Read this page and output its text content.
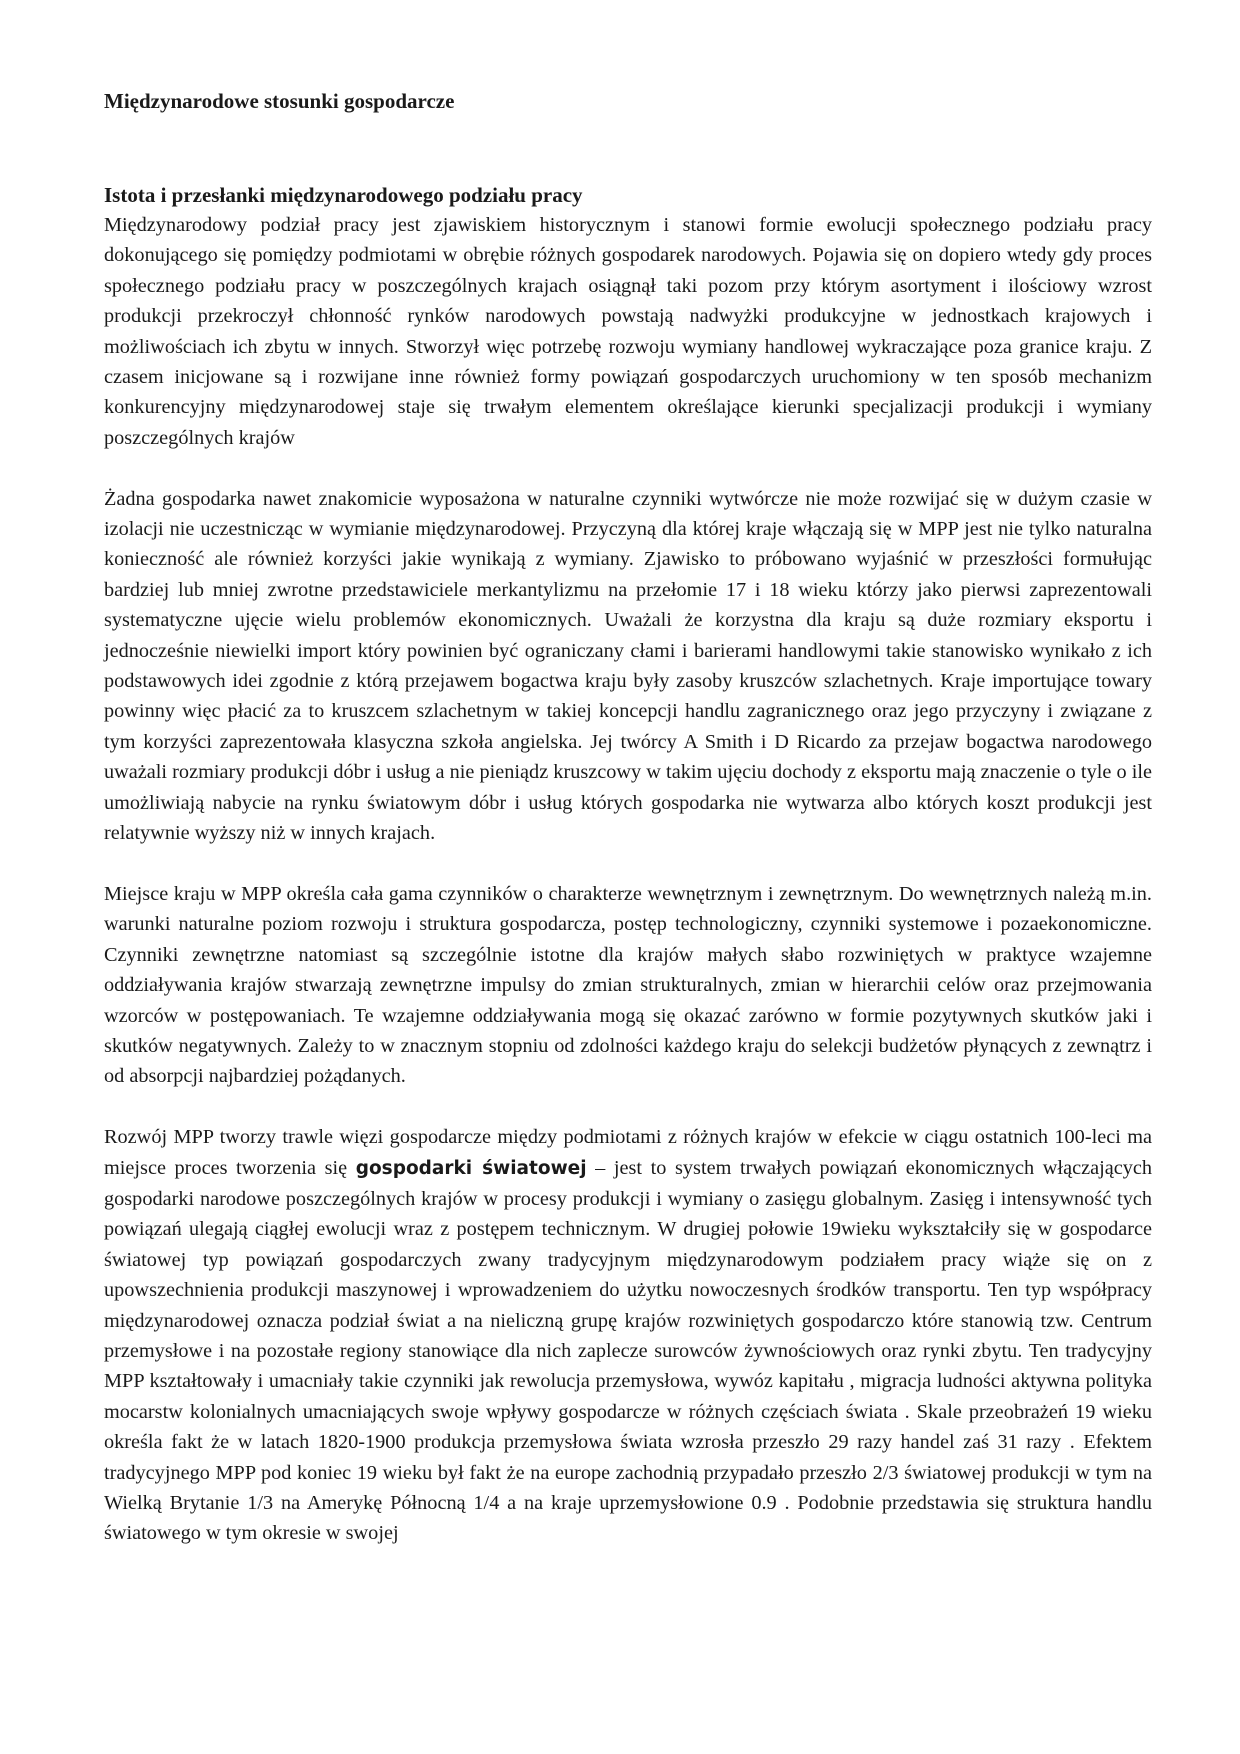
Międzynarodowe stosunki gospodarcze
Istota i przesłanki międzynarodowego podziału pracy

Międzynarodowy podział pracy jest zjawiskiem historycznym i stanowi formie ewolucji społecznego podziału pracy dokonującego się pomiędzy podmiotami w obrębie różnych gospodarek narodowych. Pojawia się on dopiero wtedy gdy proces społecznego podziału pracy w poszczególnych krajach osiągnął taki pozom przy którym asortyment i ilościowy wzrost produkcji przekroczył chłonność rynków narodowych powstają nadwyżki produkcyjne w jednostkach krajowych i możliwościach ich zbytu w innych. Stworzył więc potrzebę rozwoju wymiany handlowej wykraczające poza granice kraju. Z czasem inicjowane są i rozwijane inne również formy powiązań gospodarczych uruchomiony w ten sposób mechanizm konkurencyjny międzynarodowej staje się trwałym elementem określające kierunki specjalizacji produkcji i wymiany poszczególnych krajów

Żadna gospodarka nawet znakomicie wyposażona w naturalne czynniki wytwórcze nie może rozwijać się w dużym czasie w izolacji nie uczestnicząc w wymianie międzynarodowej. Przyczyną dla której kraje włączają się w MPP jest nie tylko naturalna konieczność ale również korzyści jakie wynikają z wymiany. Zjawisko to próbowano wyjaśnić w przeszłości formułując bardziej lub mniej zwrotne przedstawiciele merkantylizmu na przełomie 17 i 18 wieku którzy jako pierwsi zaprezentowali systematyczne ujęcie wielu problemów ekonomicznych. Uważali że korzystna dla kraju są duże rozmiary eksportu i jednocześnie niewielki import który powinien być ograniczany cłami i barierami handlowymi takie stanowisko wynikało z ich podstawowych idei zgodnie z którą przejawem bogactwa kraju były zasoby kruszców szlachetnych. Kraje importujące towary powinny więc płacić za to kruszcem szlachetnym w takiej koncepcji handlu zagranicznego oraz jego przyczyny i związane z tym korzyści zaprezentowała klasyczna szkoła angielska. Jej twórcy A Smith i D Ricardo za przejaw bogactwa narodowego uważali rozmiary produkcji dóbr i usług a nie pieniądz kruszcowy w takim ujęciu dochody z eksportu mają znaczenie o tyle o ile umożliwiają nabycie na rynku światowym dóbr i usług których gospodarka nie wytwarza albo których koszt produkcji jest relatywnie wyższy niż w innych krajach.

Miejsce kraju w MPP określa cała gama czynników o charakterze wewnętrznym i zewnętrznym. Do wewnętrznych należą m.in. warunki naturalne poziom rozwoju i struktura gospodarcza, postęp technologiczny, czynniki systemowe i pozaekonomiczne. Czynniki zewnętrzne natomiast są szczególnie istotne dla krajów małych słabo rozwiniętych w praktyce wzajemne oddziaływania krajów stwarzają zewnętrzne impulsy do zmian strukturalnych, zmian w hierarchii celów oraz przejmowania wzorców w postępowaniach. Te wzajemne oddziaływania mogą się okazać zarówno w formie pozytywnych skutków jaki i skutków negatywnych. Zależy to w znacznym stopniu od zdolności każdego kraju do selekcji budżetów płynących z zewnątrz i od absorpcji najbardziej pożądanych.

Rozwój MPP tworzy trawle więzi gospodarcze między podmiotami z różnych krajów w efekcie w ciągu ostatnich 100-leci ma miejsce proces tworzenia się gospodarki światowej – jest to system trwałych powiązań ekonomicznych włączających gospodarki narodowe poszczególnych krajów w procesy produkcji i wymiany o zasięgu globalnym. Zasięg i intensywność tych powiązań ulegają ciągłej ewolucji wraz z postępem technicznym. W drugiej połowie 19wieku wykształciły się w gospodarce światowej typ powiązań gospodarczych zwany tradycyjnym międzynarodowym podziałem pracy wiąże się on z upowszechnienia produkcji maszynowej i wprowadzeniem do użytku nowoczesnych środków transportu. Ten typ współpracy międzynarodowej oznacza podział świat a na nieliczną grupę krajów rozwiniętych gospodarczo które stanowią tzw. Centrum przemysłowe i na pozostałe regiony stanowiące dla nich zaplecze surowców żywnościowych oraz rynki zbytu. Ten tradycyjny MPP kształtowały i umacniały takie czynniki jak rewolucja przemysłowa, wywóz kapitału , migracja ludności aktywna polityka mocarstw kolonialnych umacniających swoje wpływy gospodarcze w różnych częściach świata . Skale przeobrażeń 19 wieku określa fakt że w latach 1820-1900 produkcja przemysłowa świata wzrosła przeszło 29 razy handel zaś 31 razy . Efektem tradycyjnego MPP pod koniec 19 wieku był fakt że na europe zachodnią przypadało przeszło 2/3 światowej produkcji w tym na Wielką Brytanie 1/3 na Amerykę Północną 1/4 a na kraje uprzemysłowione 0.9 . Podobnie przedstawia się struktura handlu światowego w tym okresie w swojej
